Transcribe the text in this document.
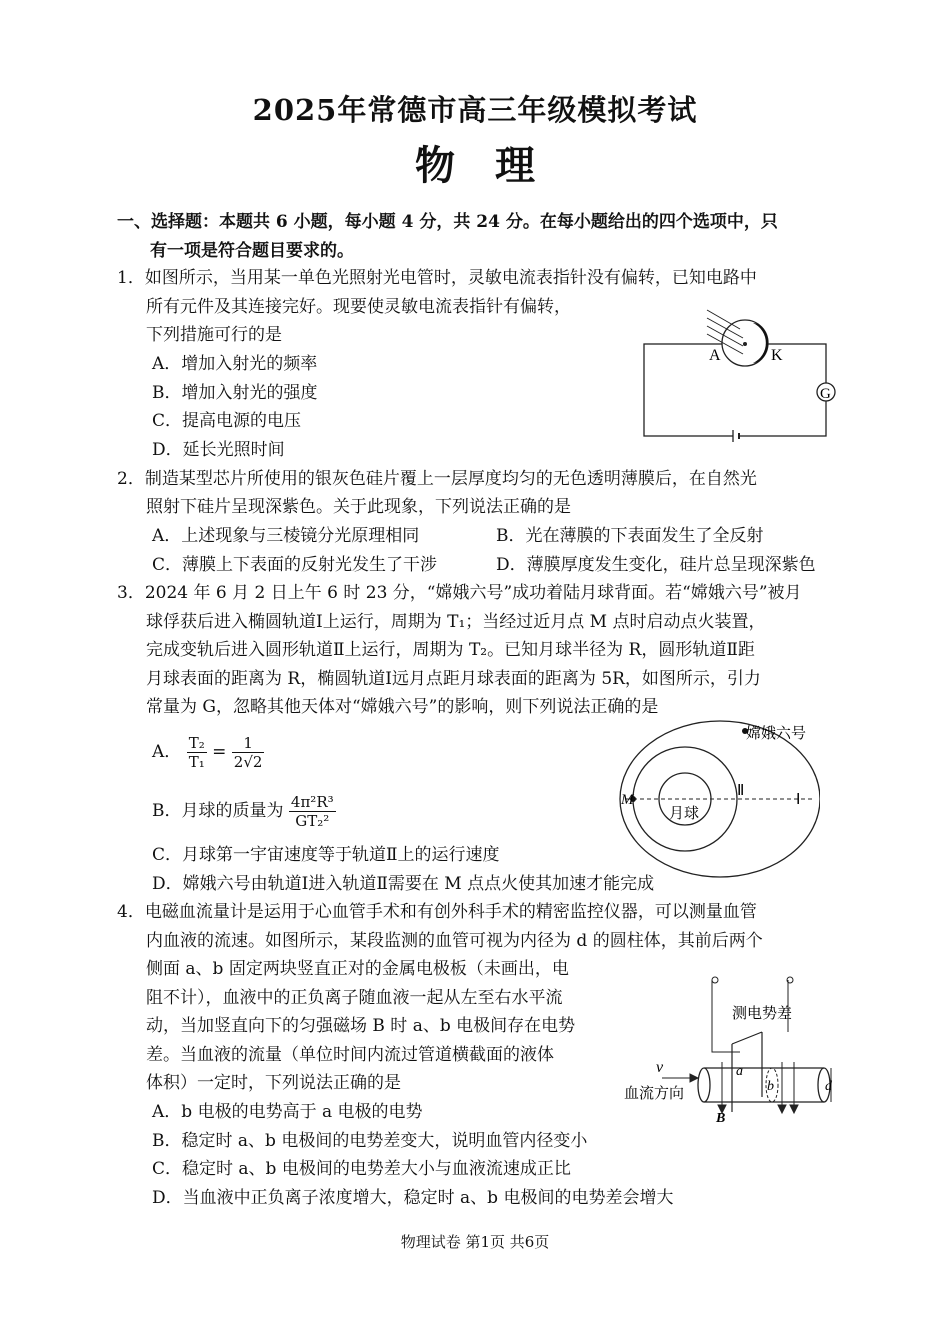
2025年常德市高三年级模拟考试
物　理
一、选择题：本题共 6 小题，每小题 4 分，共 24 分。在每小题给出的四个选项中，只
有一项是符合题目要求的。
1．如图所示，当用某一单色光照射光电管时，灵敏电流表指针没有偏转，已知电路中
所有元件及其连接完好。现要使灵敏电流表指针有偏转，
下列措施可行的是
A．增加入射光的频率
B．增加入射光的强度
C．提高电源的电压
D．延长光照时间
A	K
G
2．制造某型芯片所使用的银灰色硅片覆上一层厚度均匀的无色透明薄膜后，在自然光
照射下硅片呈现深紫色。关于此现象，下列说法正确的是
A．上述现象与三棱镜分光原理相同	B．光在薄膜的下表面发生了全反射
C．薄膜上下表面的反射光发生了干涉	D．薄膜厚度发生变化，硅片总呈现深紫色
3．2024 年 6 月 2 日上午 6 时 23 分，“嫦娥六号”成功着陆月球背面。若“嫦娥六号”被月
球俘获后进入椭圆轨道Ⅰ上运行，周期为 T₁；当经过近月点 M 点时启动点火装置，
完成变轨后进入圆形轨道Ⅱ上运行，周期为 T₂。已知月球半径为 R，圆形轨道Ⅱ距
月球表面的距离为 R，椭圆轨道Ⅰ远月点距月球表面的距离为 5R，如图所示，引力
常量为 G，忽略其他天体对“嫦娥六号”的影响，则下列说法正确的是
A． $\frac{\text{T₂}}{\text{T₁}} = \frac{1}{2√2}$
B．月球的质量为 $\frac{\text{4π²R³}}{\text{GT₂²}}$
C．月球第一宇宙速度等于轨道Ⅱ上的运行速度
D．嫦娥六号由轨道Ⅰ进入轨道Ⅱ需要在 M 点点火使其加速才能完成
嫦娥六号
M
月球
Ⅱ
Ⅰ
4．电磁血流量计是运用于心血管手术和有创外科手术的精密监控仪器，可以测量血管
内血液的流速。如图所示，某段监测的血管可视为内径为 d 的圆柱体，其前后两个
侧面 a、b 固定两块竖直正对的金属电极板（未画出，电
阻不计），血液中的正负离子随血液一起从左至右水平流
动，当加竖直向下的匀强磁场 B 时 a、b 电极间存在电势
差。当血液的流量（单位时间内流过管道横截面的液体
体积）一定时，下列说法正确的是
A．b 电极的电势高于 a 电极的电势
B．稳定时 a、b 电极间的电势差变大，说明血管内径变小
C．稳定时 a、b 电极间的电势差大小与血液流速成正比
D．当血液中正负离子浓度增大，稳定时 a、b 电极间的电势差会增大
测电势差
v
血流方向
a
b
B
d
物理试卷 第1页 共6页
